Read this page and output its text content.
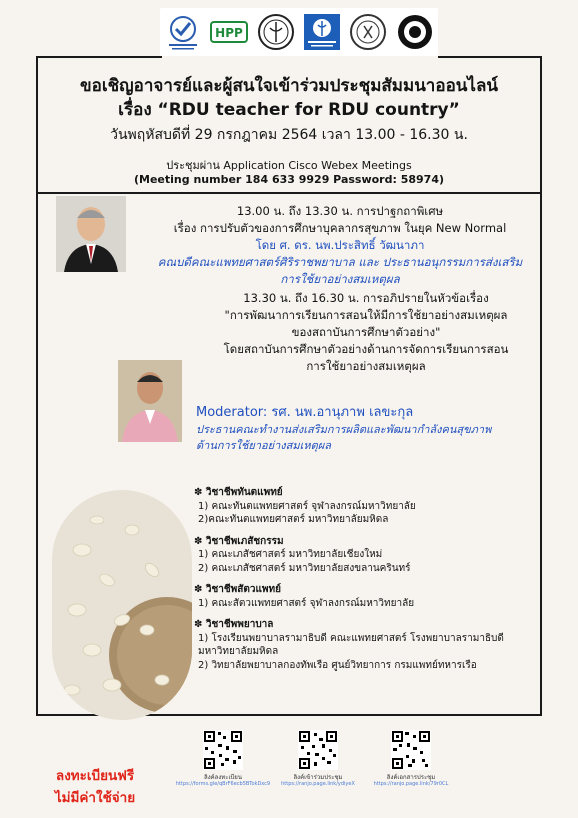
HPP
ขอเชิญอาจารย์และผู้สนใจเข้าร่วมประชุมสัมมนาออนไลน์
เรื่อง “RDU teacher for RDU country”
วันพฤหัสบดีที่ 29 กรกฎาคม 2564 เวลา 13.00 - 16.30 น.
ประชุมผ่าน Application Cisco Webex Meetings
(Meeting number 184 633 9929 Password: 58974)
13.00 น. ถึง 13.30 น. การปาฐกถาพิเศษ
เรื่อง การปรับตัวของการศึกษาบุคลากรสุขภาพ ในยุค New Normal
โดย ศ. ดร. นพ.ประสิทธิ์ วัฒนาภา
คณบดีคณะแพทยศาสตร์ศิริราชพยาบาล และ ประธานอนุกรรมการส่งเสริม
การใช้ยาอย่างสมเหตุผล
13.30 น. ถึง 16.30 น. การอภิปรายในหัวข้อเรื่อง
"การพัฒนาการเรียนการสอนให้มีการใช้ยาอย่างสมเหตุผล
ของสถาบันการศึกษาตัวอย่าง"
โดยสถาบันการศึกษาตัวอย่างด้านการจัดการเรียนการสอน
การใช้ยาอย่างสมเหตุผล
Moderator: รศ. นพ.อานุภาพ เลขะกุล
ประธานคณะทำงานส่งเสริมการผลิตและพัฒนากำลังคนสุขภาพ
ด้านการใช้ยาอย่างสมเหตุผล
✽ วิชาชีพทันตแพทย์
1) คณะทันตแพทยศาสตร์ จุฬาลงกรณ์มหาวิทยาลัย
2)คณะทันตแพทยศาสตร์ มหาวิทยาลัยมหิดล
✽ วิชาชีพเภสัชกรรม
1) คณะเภสัชศาสตร์ มหาวิทยาลัยเชียงใหม่
2) คณะเภสัชศาสตร์ มหาวิทยาลัยสงขลานครินทร์
✽ วิชาชีพสัตวแพทย์
1) คณะสัตวแพทยศาสตร์ จุฬาลงกรณ์มหาวิทยาลัย
✽ วิชาชีพพยาบาล
1) โรงเรียนพยาบาลรามาธิบดี คณะแพทยศาสตร์ โรงพยาบาลรามาธิบดี
มหาวิทยาลัยมหิดล
2) วิทยาลัยพยาบาลกองทัพเรือ ศูนย์วิทยาการ กรมแพทย์ทหารเรือ
ลงทะเบียนฟรี
ไม่มีค่าใช้จ่าย
ลิงค์ลงทะเบียน
https://forms.gle/qBrF6ecb5BTokDxc9
ลิงค์เข้าร่วมประชุม
https://ranjo.page.link/ydiyeX
ลิงค์เอกสารประชุม
https://ranjo.page.link/79r0CL
